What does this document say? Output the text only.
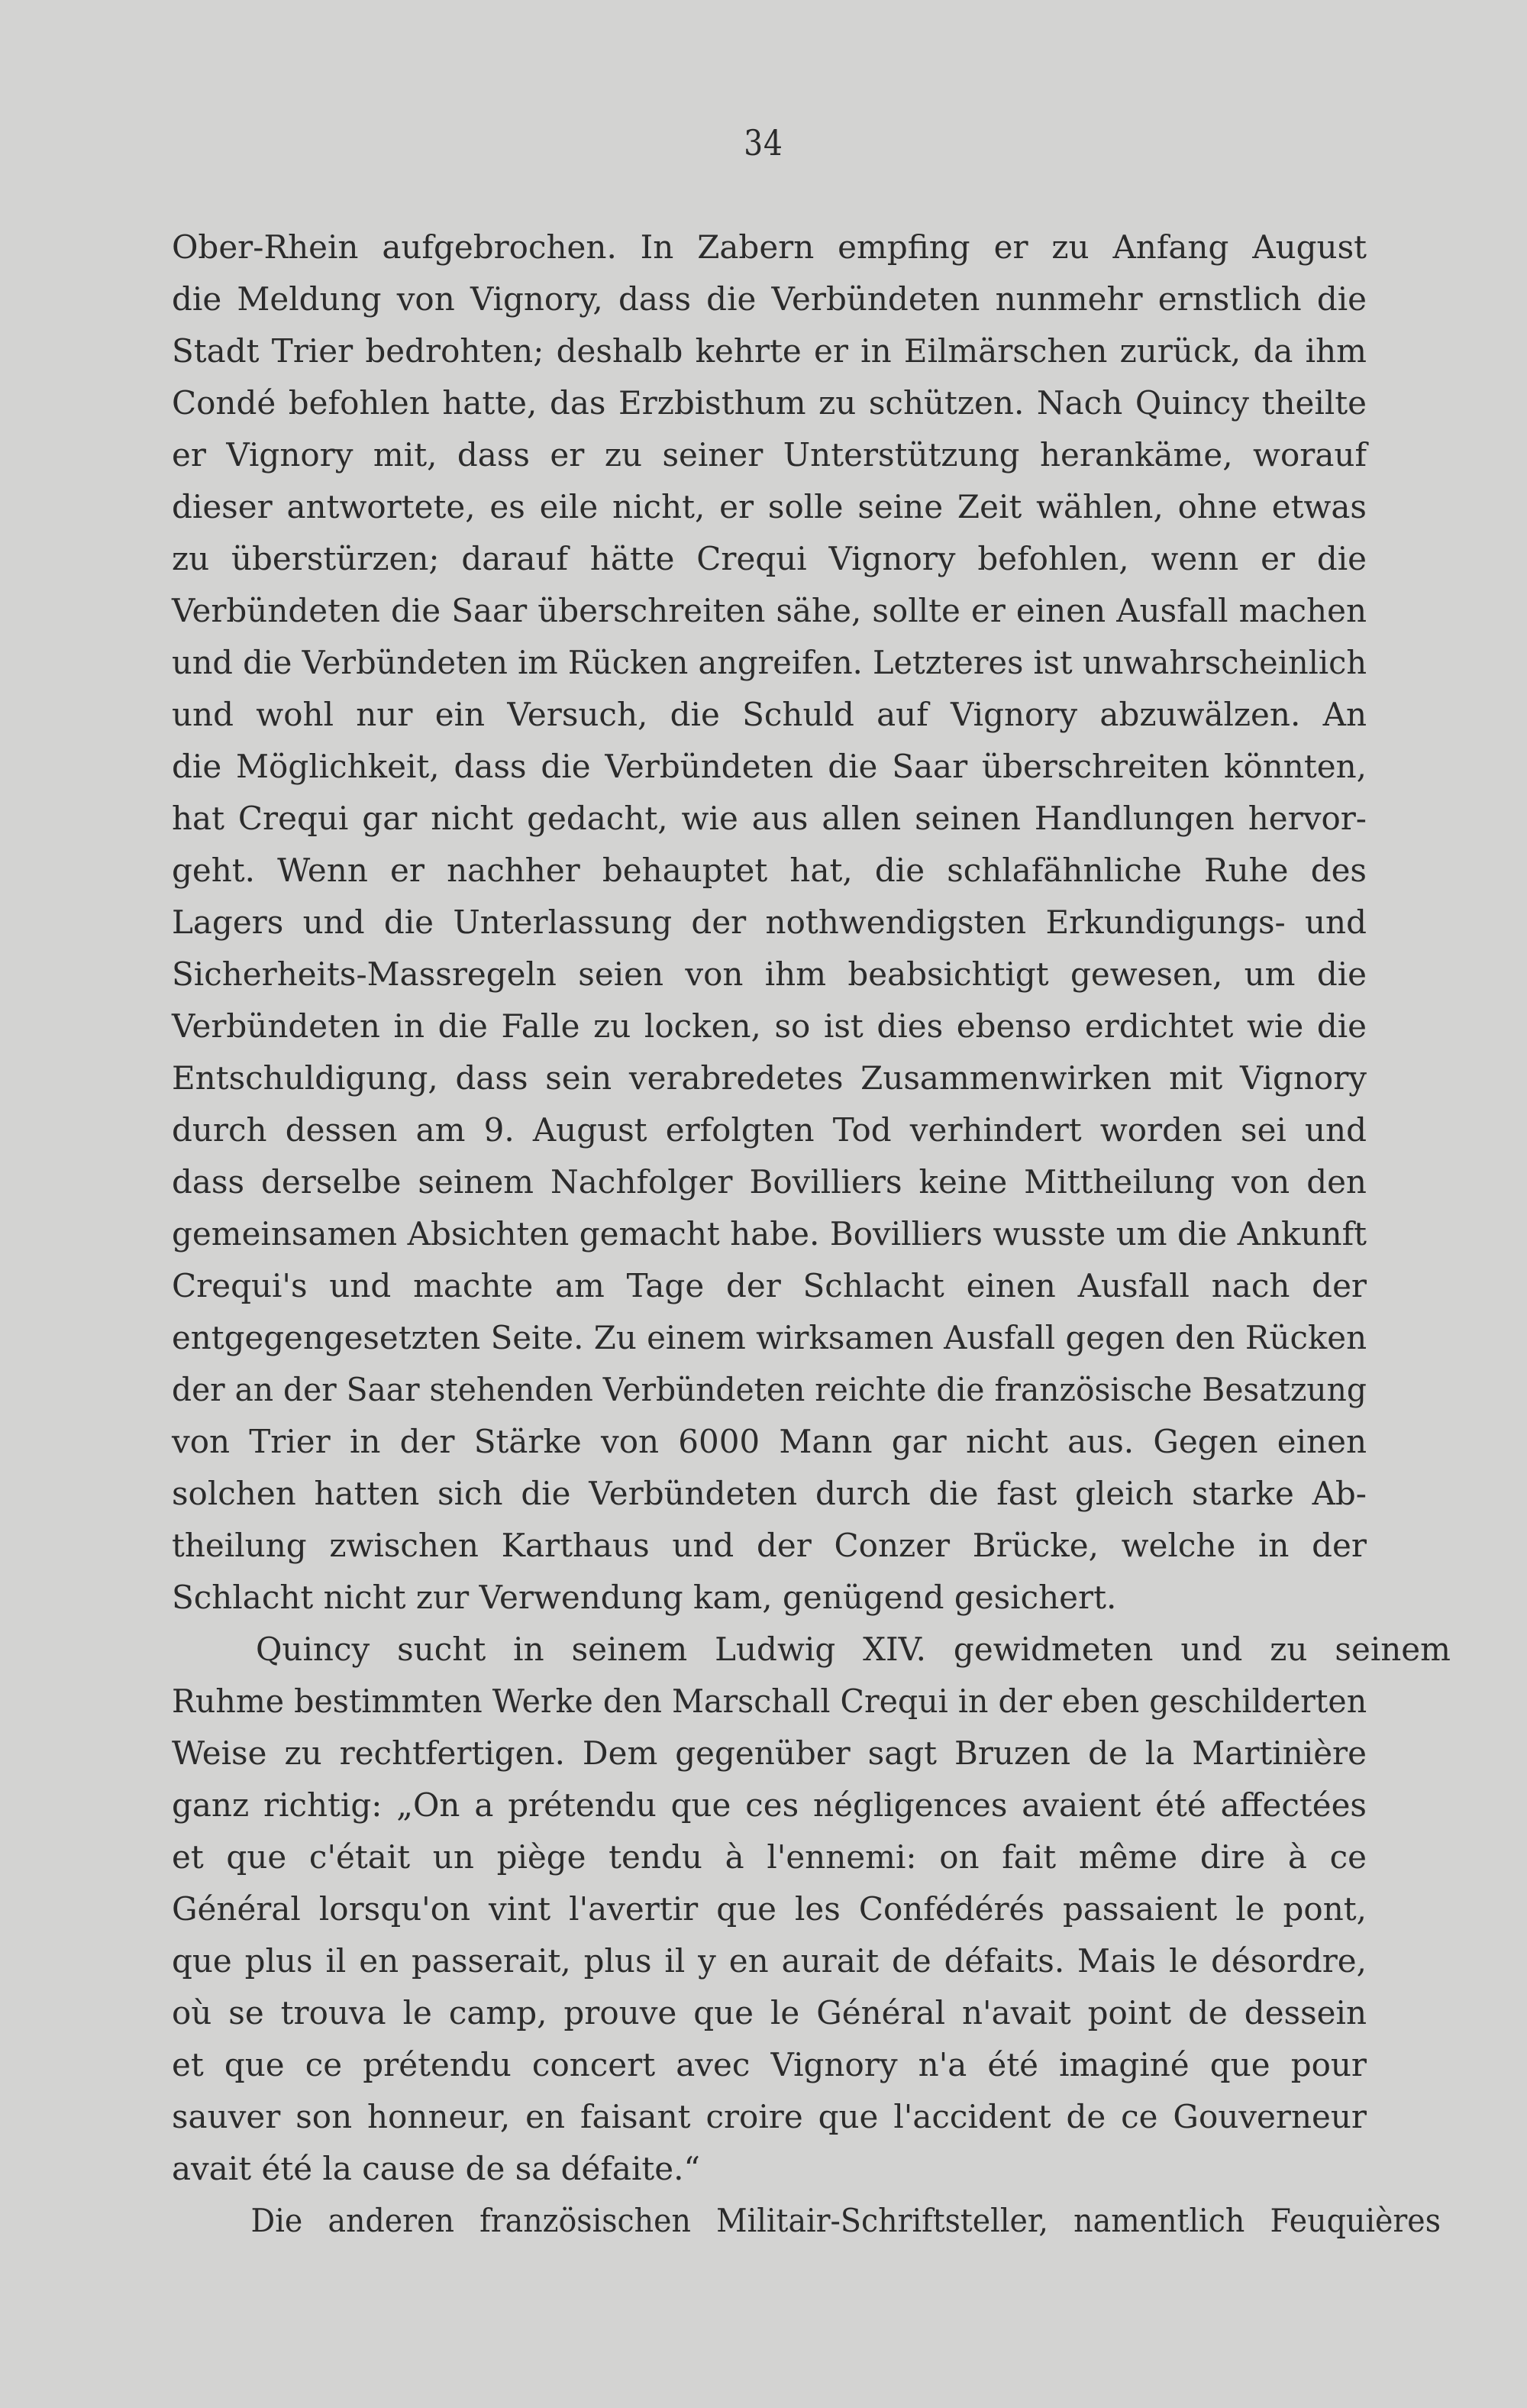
34
Ober-Rhein aufgebrochen. In Zabern empfing er zu Anfang August
die Meldung von Vignory, dass die Verbündeten nunmehr ernstlich die
Stadt Trier bedrohten; deshalb kehrte er in Eilmärschen zurück, da ihm
Condé befohlen hatte, das Erzbisthum zu schützen. Nach Quincy theilte
er Vignory mit, dass er zu seiner Unterstützung herankäme, worauf
dieser antwortete, es eile nicht, er solle seine Zeit wählen, ohne etwas
zu überstürzen; darauf hätte Crequi Vignory befohlen, wenn er die
Verbündeten die Saar überschreiten sähe, sollte er einen Ausfall machen
und die Verbündeten im Rücken angreifen. Letzteres ist unwahrscheinlich
und wohl nur ein Versuch, die Schuld auf Vignory abzuwälzen. An
die Möglichkeit, dass die Verbündeten die Saar überschreiten könnten,
hat Crequi gar nicht gedacht, wie aus allen seinen Handlungen hervor-
geht. Wenn er nachher behauptet hat, die schlafähnliche Ruhe des
Lagers und die Unterlassung der nothwendigsten Erkundigungs- und
Sicherheits-Massregeln seien von ihm beabsichtigt gewesen, um die
Verbündeten in die Falle zu locken, so ist dies ebenso erdichtet wie die
Entschuldigung, dass sein verabredetes Zusammenwirken mit Vignory
durch dessen am 9. August erfolgten Tod verhindert worden sei und
dass derselbe seinem Nachfolger Bovilliers keine Mittheilung von den
gemeinsamen Absichten gemacht habe. Bovilliers wusste um die Ankunft
Crequi's und machte am Tage der Schlacht einen Ausfall nach der
entgegengesetzten Seite. Zu einem wirksamen Ausfall gegen den Rücken
der an der Saar stehenden Verbündeten reichte die französische Besatzung
von Trier in der Stärke von 6000 Mann gar nicht aus. Gegen einen
solchen hatten sich die Verbündeten durch die fast gleich starke Ab-
theilung zwischen Karthaus und der Conzer Brücke, welche in der
Schlacht nicht zur Verwendung kam, genügend gesichert.
Quincy sucht in seinem Ludwig XIV. gewidmeten und zu seinem
Ruhme bestimmten Werke den Marschall Crequi in der eben geschilderten
Weise zu rechtfertigen. Dem gegenüber sagt Bruzen de la Martinière
ganz richtig: „On a prétendu que ces négligences avaient été affectées
et que c'était un piège tendu à l'ennemi: on fait même dire à ce
Général lorsqu'on vint l'avertir que les Confédérés passaient le pont,
que plus il en passerait, plus il y en aurait de défaits. Mais le désordre,
où se trouva le camp, prouve que le Général n'avait point de dessein
et que ce prétendu concert avec Vignory n'a été imaginé que pour
sauver son honneur, en faisant croire que l'accident de ce Gouverneur
avait été la cause de sa défaite.“
Die anderen französischen Militair-Schriftsteller, namentlich Feuquières
